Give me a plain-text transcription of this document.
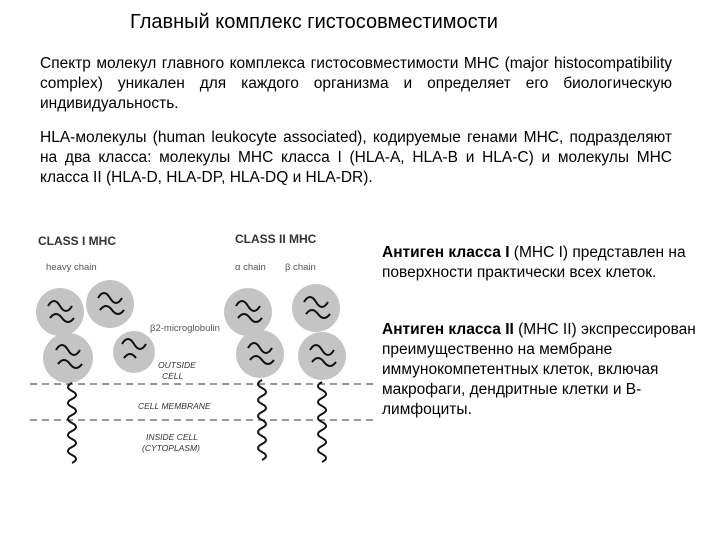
Главный комплекс гистосовместимости
Спектр молекул главного комплекса гистосовместимости MHC (major histocompatibility complex) уникален для каждого организма и определяет его биологическую индивидуальность.
HLA-молекулы (human leukocyte associated), кодируемые генами MHC, подразделяют на два класса: молекулы MHC класса I (HLA-A, HLA-B и HLA-C) и молекулы MHC класса II (HLA-D, HLA-DP, HLA-DQ и HLA-DR).
CLASS I MHC	CLASS II MHC
heavy chain	α chain β chain
β2-microglobulin
OUTSIDE
CELL
CELL MEMBRANE
INSIDE CELL
(CYTOPLASM)
Антиген класса I (MHC I) представлен на поверхности практически всех клеток.
Антиген класса II (MHC II) экспрессирован преимущественно на мембране иммунокомпетентных клеток, включая макрофаги, дендритные клетки и В-лимфоциты.
